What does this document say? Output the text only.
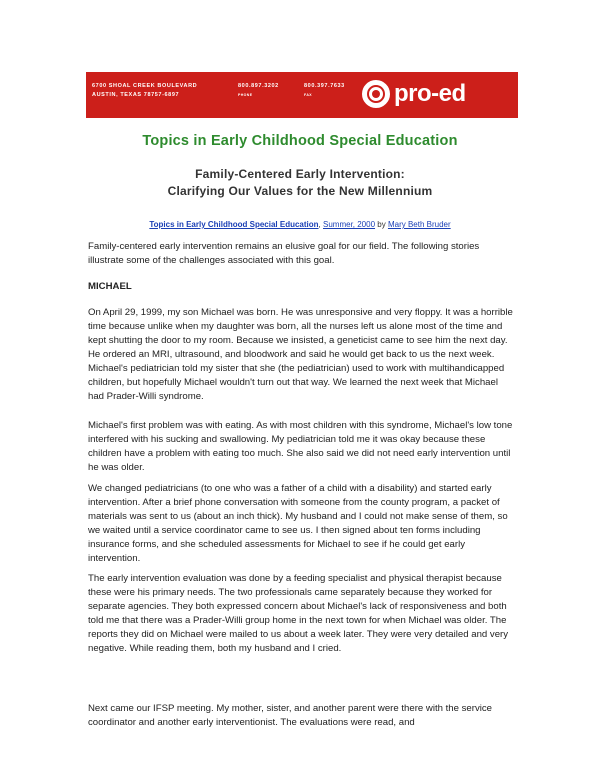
6700 SHOAL CREEK BOULEVARD
AUSTIN, TEXAS 78757-6897
800.897.3202
PHONE
800.397.7633
FAX	pro-ed
Topics in Early Childhood Special Education
Family-Centered Early Intervention:
Clarifying Our Values for the New Millennium
Topics in Early Childhood Special Education, Summer, 2000 by Mary Beth Bruder

Family-centered early intervention remains an elusive goal for our field. The following stories illustrate some of the challenges associated with this goal.

MICHAEL

On April 29, 1999, my son Michael was born. He was unresponsive and very floppy. It was a horrible time because unlike when my daughter was born, all the nurses left us alone most of the time and kept shutting the door to my room. Because we insisted, a geneticist came to see him the next day. He ordered an MRI, ultrasound, and bloodwork and said he would get back to us the next week. Michael's pediatrician told my sister that she (the pediatrician) used to work with multihandicapped children, but hopefully Michael wouldn't turn out that way. We learned the next week that Michael had Prader-Willi syndrome.

Michael's first problem was with eating. As with most children with this syndrome, Michael's low tone interfered with his sucking and swallowing. My pediatrician told me it was okay because these children have a problem with eating too much. She also said we did not need early intervention until he was older.

We changed pediatricians (to one who was a father of a child with a disability) and started early intervention. After a brief phone conversation with someone from the county program, a packet of materials was sent to us (about an inch thick). My husband and I could not make sense of them, so we waited until a service coordinator came to see us. I then signed about ten forms including insurance forms, and she scheduled assessments for Michael to see if he could get early intervention.

The early intervention evaluation was done by a feeding specialist and physical therapist because these were his primary needs. The two professionals came separately because they worked for separate agencies. They both expressed concern about Michael's lack of responsiveness and both told me that there was a Prader-Willi group home in the next town for when Michael was older. The reports they did on Michael were mailed to us about a week later. They were very detailed and very negative. While reading them, both my husband and I cried.

Next came our IFSP meeting. My mother, sister, and another parent were there with the service coordinator and another early interventionist. The evaluations were read, and
